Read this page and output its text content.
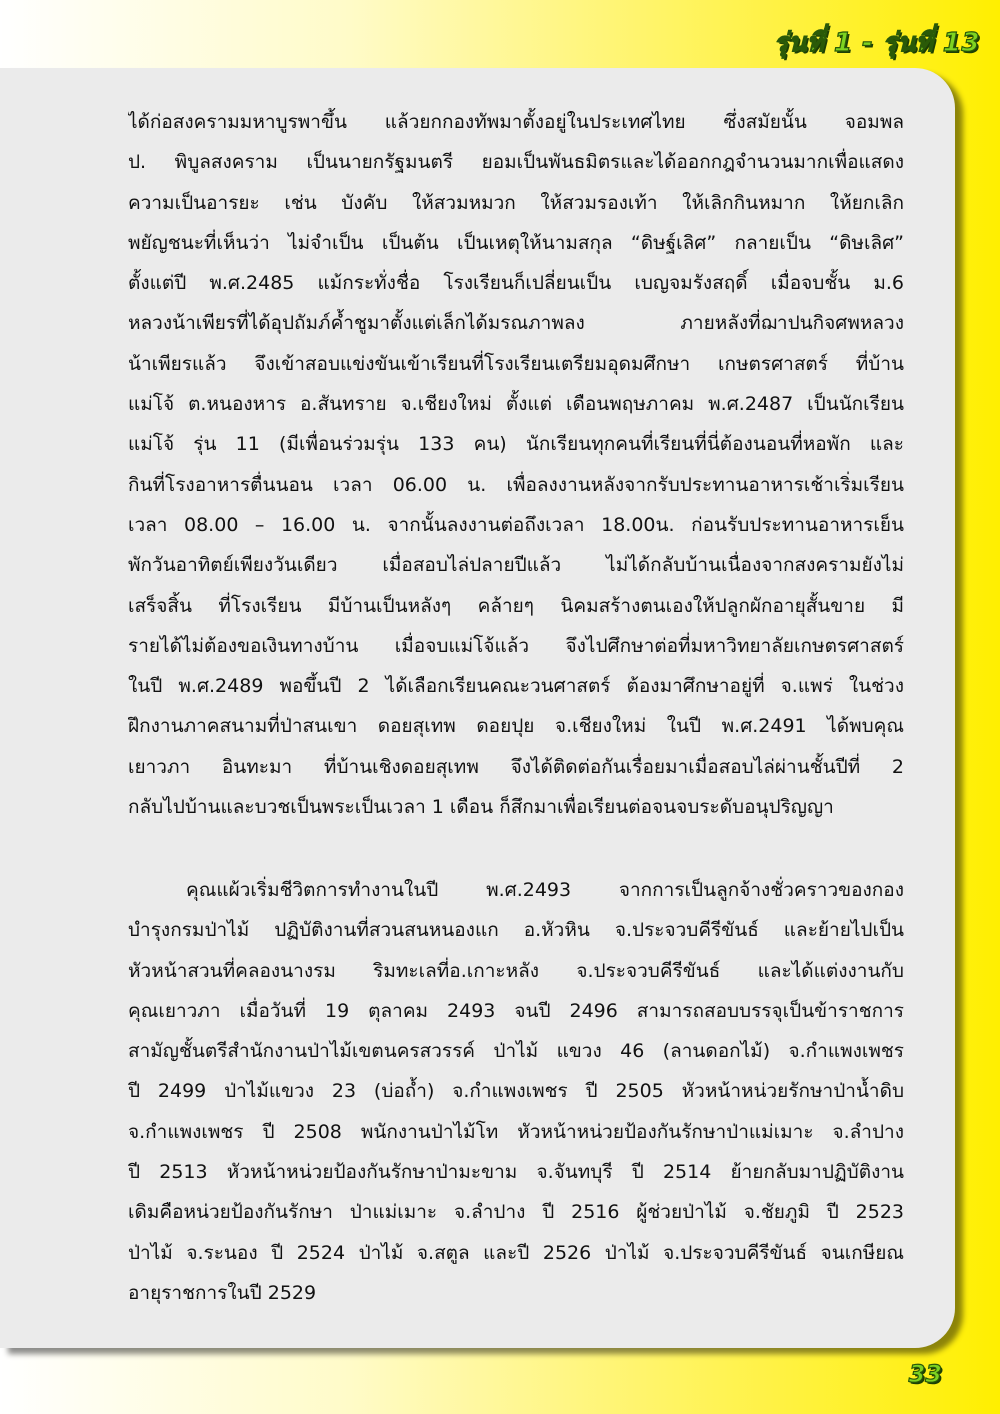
รุ่นที่ 1 - รุ่นที่ 13
ได้ก่อสงครามมหาบูรพาขึ้น แล้วยกกองทัพมาตั้งอยู่ในประเทศไทย ซึ่งสมัยนั้น จอมพล
ป. พิบูลสงคราม เป็นนายกรัฐมนตรี ยอมเป็นพันธมิตรและได้ออกกฎจำนวนมากเพื่อแสดง
ความเป็นอารยะ เช่น บังคับ ให้สวมหมวก ให้สวมรองเท้า ให้เลิกกินหมาก ให้ยกเลิก
พยัญชนะที่เห็นว่า ไม่จำเป็น เป็นต้น เป็นเหตุให้นามสกุล “ดิษฐ์เลิศ” กลายเป็น “ดิษเลิศ”
ตั้งแต่ปี พ.ศ.2485 แม้กระทั่งชื่อ โรงเรียนก็เปลี่ยนเป็น เบญจมรังสฤดิ์ เมื่อจบชั้น ม.6
หลวงน้าเพียรที่ได้อุปถัมภ์ค้ำชูมาตั้งแต่เล็กได้มรณภาพลง ภายหลังที่ฌาปนกิจศพหลวง
น้าเพียรแล้ว จึงเข้าสอบแข่งขันเข้าเรียนที่โรงเรียนเตรียมอุดมศึกษา เกษตรศาสตร์ ที่บ้าน
แม่โจ้ ต.หนองหาร อ.สันทราย จ.เชียงใหม่ ตั้งแต่ เดือนพฤษภาคม พ.ศ.2487 เป็นนักเรียน
แม่โจ้ รุ่น 11 (มีเพื่อนร่วมรุ่น 133 คน) นักเรียนทุกคนที่เรียนที่นี่ต้องนอนที่หอพัก และ
กินที่โรงอาหารตื่นนอน เวลา 06.00 น. เพื่อลงงานหลังจากรับประทานอาหารเช้าเริ่มเรียน
เวลา 08.00 – 16.00 น. จากนั้นลงงานต่อถึงเวลา 18.00น. ก่อนรับประทานอาหารเย็น
พักวันอาทิตย์เพียงวันเดียว เมื่อสอบไล่ปลายปีแล้ว ไม่ได้กลับบ้านเนื่องจากสงครามยังไม่
เสร็จสิ้น ที่โรงเรียน มีบ้านเป็นหลังๆ คล้ายๆ นิคมสร้างตนเองให้ปลูกผักอายุสั้นขาย มี
รายได้ไม่ต้องขอเงินทางบ้าน เมื่อจบแม่โจ้แล้ว จึงไปศึกษาต่อที่มหาวิทยาลัยเกษตรศาสตร์
ในปี พ.ศ.2489 พอขึ้นปี 2 ได้เลือกเรียนคณะวนศาสตร์ ต้องมาศึกษาอยู่ที่ จ.แพร่ ในช่วง
ฝึกงานภาคสนามที่ป่าสนเขา ดอยสุเทพ ดอยปุย จ.เชียงใหม่ ในปี พ.ศ.2491 ได้พบคุณ
เยาวภา อินทะมา ที่บ้านเชิงดอยสุเทพ จึงได้ติดต่อกันเรื่อยมาเมื่อสอบไล่ผ่านชั้นปีที่ 2
กลับไปบ้านและบวชเป็นพระเป็นเวลา 1 เดือน ก็สึกมาเพื่อเรียนต่อจนจบระดับอนุปริญญา
คุณแผ้วเริ่มชีวิตการทำงานในปี พ.ศ.2493 จากการเป็นลูกจ้างชั่วคราวของกอง
บำรุงกรมป่าไม้ ปฏิบัติงานที่สวนสนหนองแก อ.หัวหิน จ.ประจวบคีรีขันธ์ และย้ายไปเป็น
หัวหน้าสวนที่คลองนางรม ริมทะเลที่อ.เกาะหลัง จ.ประจวบคีรีขันธ์ และได้แต่งงานกับ
คุณเยาวภา เมื่อวันที่ 19 ตุลาคม 2493 จนปี 2496 สามารถสอบบรรจุเป็นข้าราชการ
สามัญชั้นตรีสำนักงานป่าไม้เขตนครสวรรค์ ป่าไม้ แขวง 46 (ลานดอกไม้) จ.กำแพงเพชร
ปี 2499 ป่าไม้แขวง 23 (บ่อถ้ำ) จ.กำแพงเพชร ปี 2505 หัวหน้าหน่วยรักษาป่าน้ำดิบ
จ.กำแพงเพชร ปี 2508 พนักงานป่าไม้โท หัวหน้าหน่วยป้องกันรักษาป่าแม่เมาะ จ.ลำปาง
ปี 2513 หัวหน้าหน่วยป้องกันรักษาป่ามะขาม จ.จันทบุรี ปี 2514 ย้ายกลับมาปฏิบัติงาน
เดิมคือหน่วยป้องกันรักษา ป่าแม่เมาะ จ.ลำปาง ปี 2516 ผู้ช่วยป่าไม้ จ.ชัยภูมิ ปี 2523
ป่าไม้ จ.ระนอง ปี 2524 ป่าไม้ จ.สตูล และปี 2526 ป่าไม้ จ.ประจวบคีรีขันธ์ จนเกษียณ
อายุราชการในปี 2529
33
